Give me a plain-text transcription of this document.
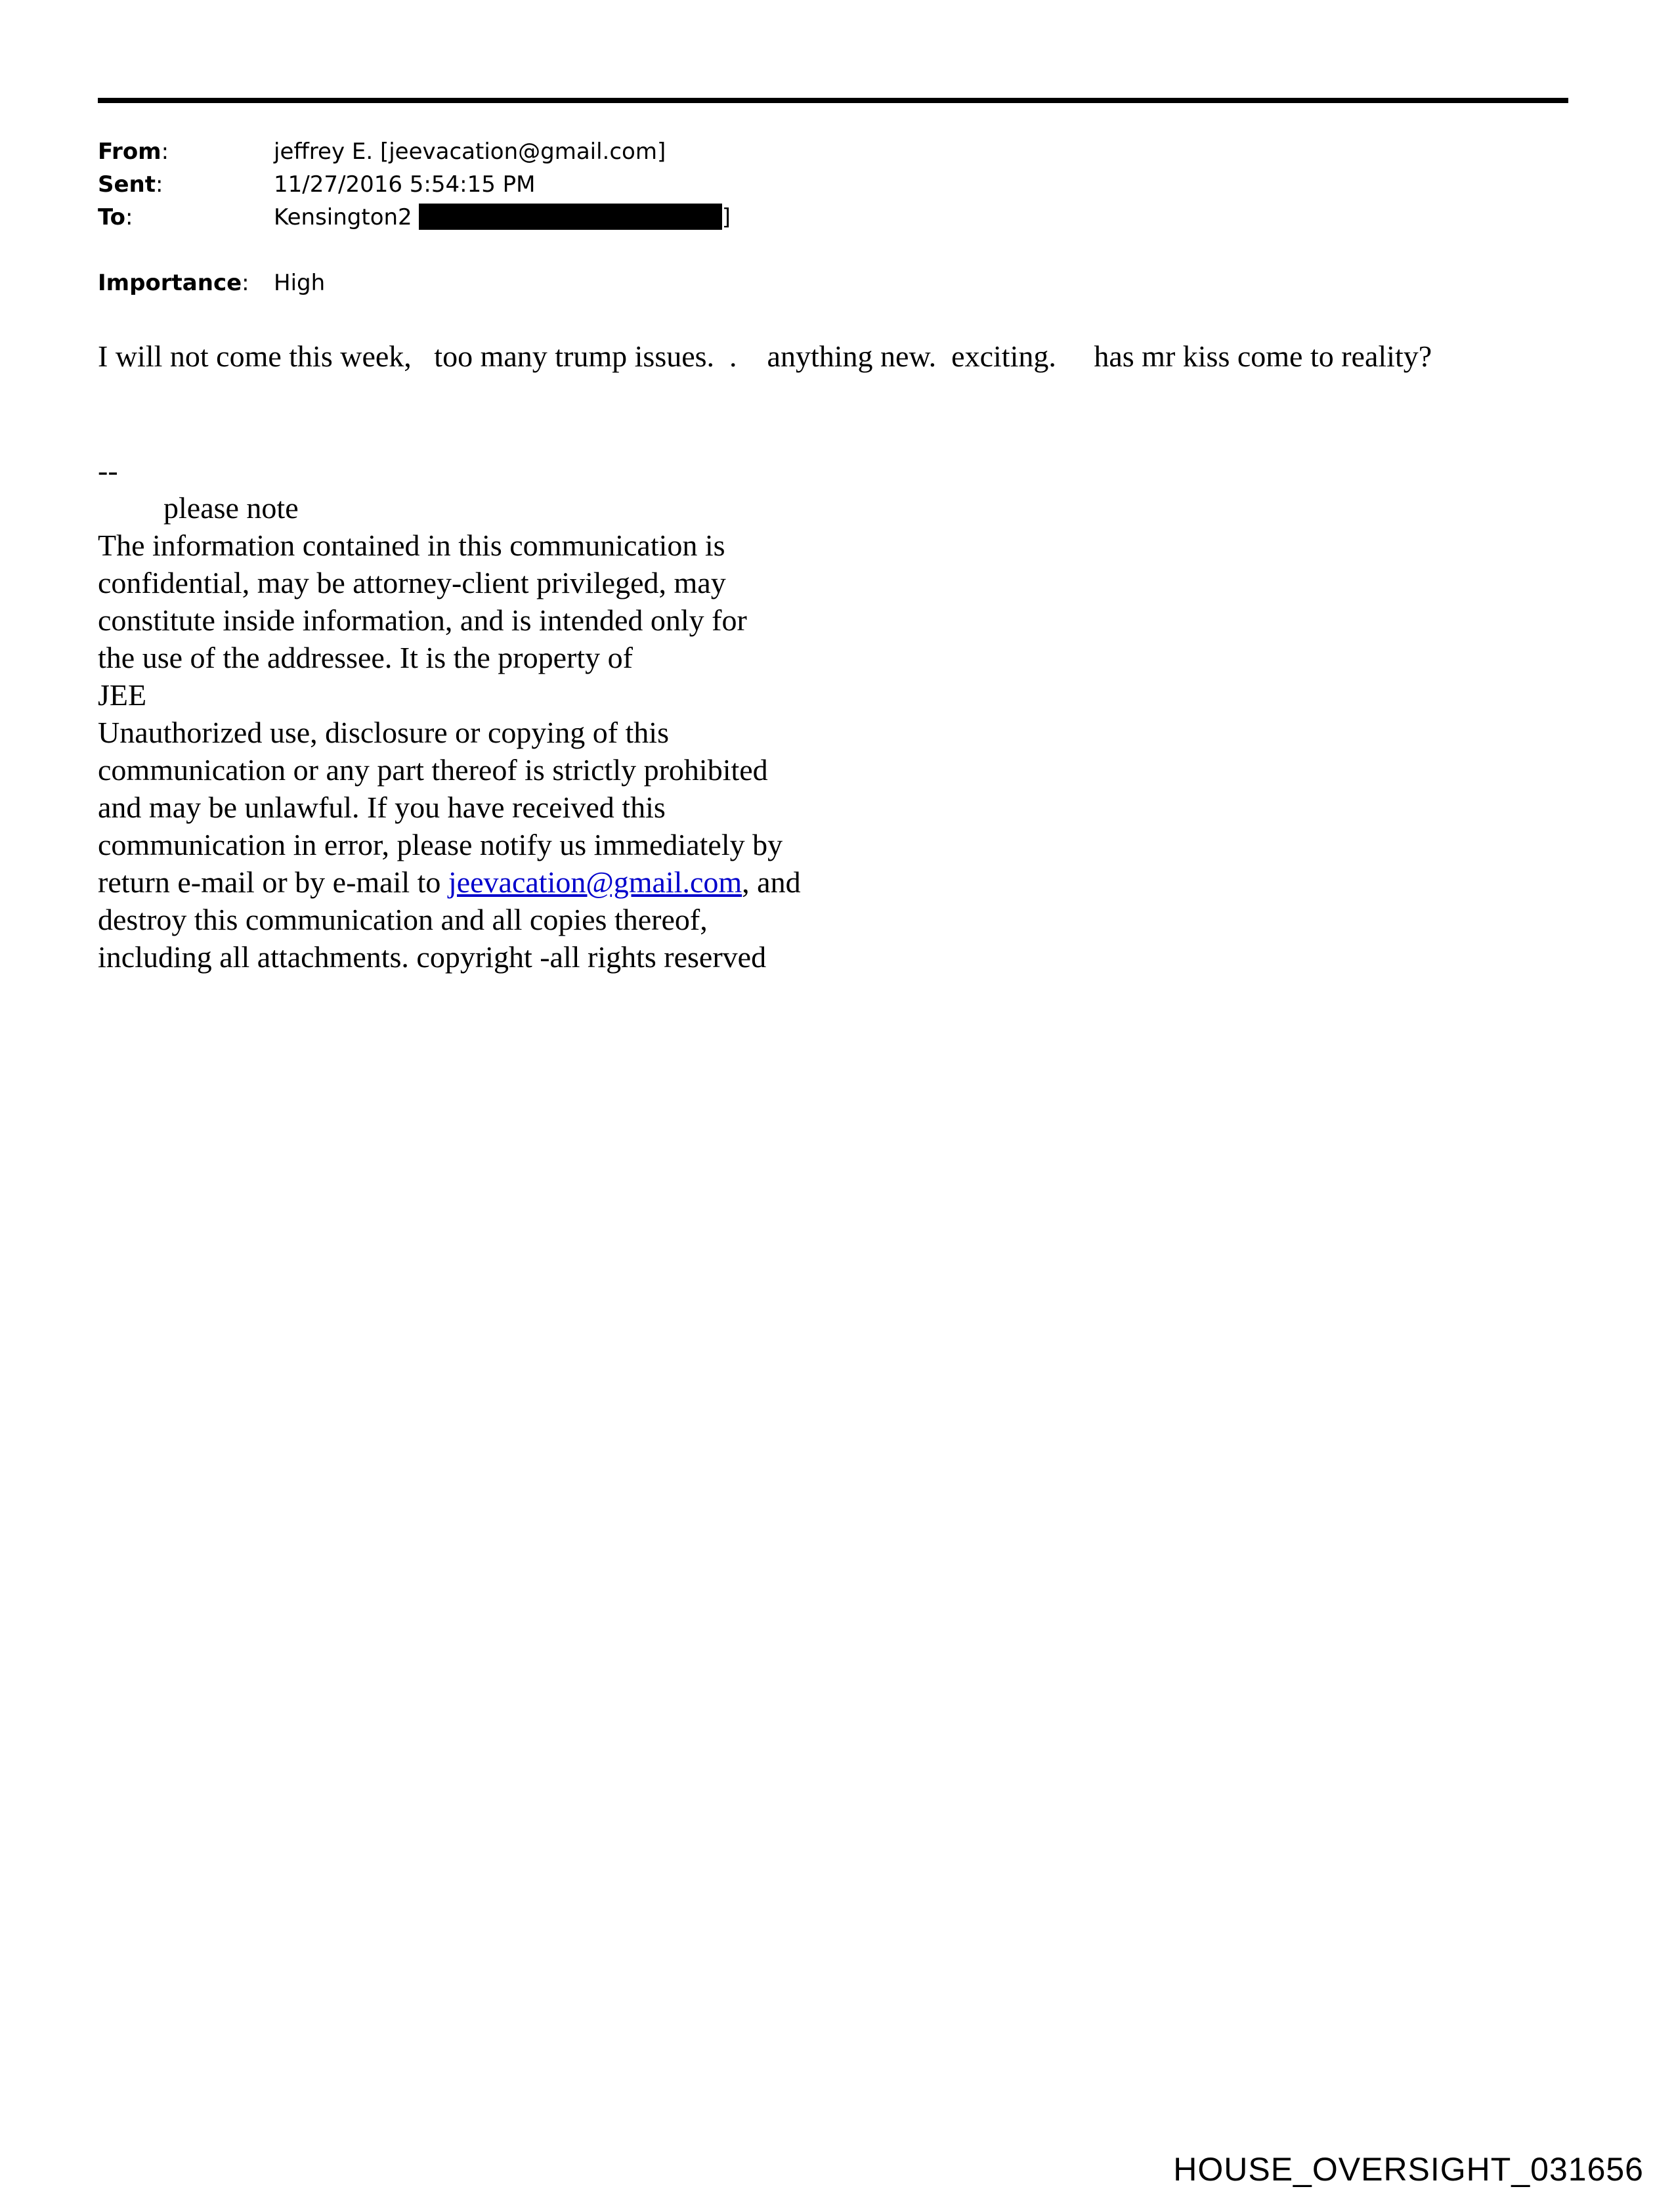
From:	jeffrey E. [jeevacation@gmail.com]
Sent:	11/27/2016 5:54:15 PM
To:	Kensington2	]
Importance: High
I will not come this week,   too many trump issues.  .    anything new.  exciting.     has mr kiss come to reality?
--
please note
The information contained in this communication is
confidential, may be attorney-client privileged, may
constitute inside information, and is intended only for
the use of the addressee. It is the property of
JEE
Unauthorized use, disclosure or copying of this
communication or any part thereof is strictly prohibited
and may be unlawful. If you have received this
communication in error, please notify us immediately by
return e-mail or by e-mail to jeevacation@gmail.com, and
destroy this communication and all copies thereof,
including all attachments. copyright -all rights reserved
HOUSE_OVERSIGHT_031656
